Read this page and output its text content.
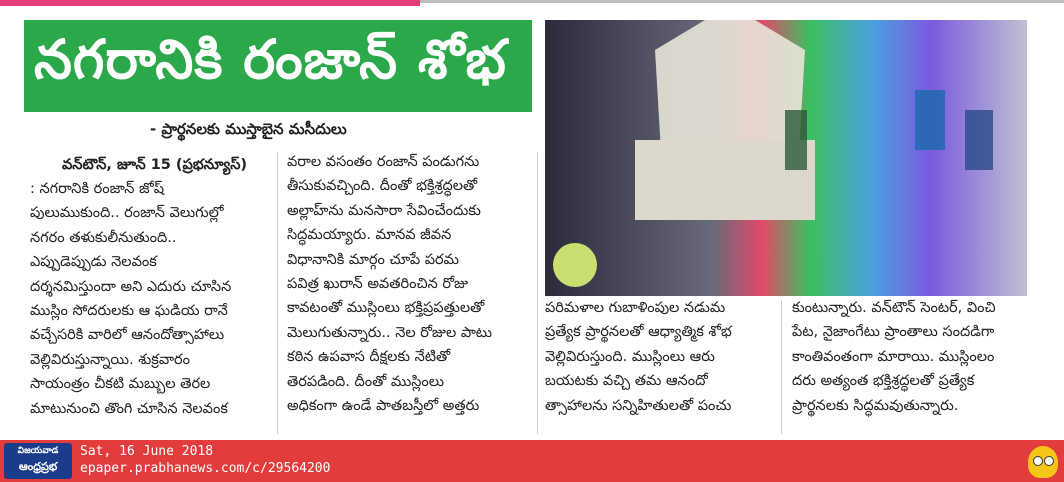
నగరానికి రంజాన్ శోభ
- ప్రార్థనలకు ముస్తాబైన మసీదులు
వన్‌టౌన్, జూన్ 15 (ప్రభన్యూస్)
: నగరానికి రంజాన్ జోష్
పులుముకుంది.. రంజాన్ వెలుగుల్లో
నగరం తళుకులీనుతుంది..
ఎప్పుడెప్పుడు నెలవంక
దర్శనమిస్తుందా అని ఎదురు చూసిన
ముస్లిం సోదరులకు ఆ ఘడియ రానే
వచ్చేసరికి వారిలో ఆనందోత్సాహాలు
వెల్లివిరుస్తున్నాయి. శుక్రవారం
సాయంత్రం చీకటి మబ్బుల తెరల
మాటునుంచి తొంగి చూసిన నెలవంక
వరాల వసంతం రంజాన్ పండుగను
తీసుకువచ్చింది. దీంతో భక్తిశ్రద్ధలతో
అల్లాహ్‌ను మనసారా సేవించేందుకు
సిద్ధమయ్యారు. మానవ జీవన
విధానానికి మార్గం చూపే పరమ
పవిత్ర ఖురాన్ అవతరించిన రోజు
కావటంతో ముస్లింలు భక్తిప్రపత్తులతో
మెలుగుతున్నారు.. నెల రోజుల పాటు
కఠిన ఉపవాస దీక్షలకు నేటితో
తెరపడింది. దీంతో ముస్లింలు
అధికంగా ఉండే పాతబస్తీలో అత్తరు
పరిమళాల గుబాళింపుల నడుమ
ప్రత్యేక ప్రార్థనలతో ఆధ్యాత్మిక శోభ
వెల్లివిరుస్తుంది. ముస్లింలు ఆరు
బయటకు వచ్చి తమ ఆనందో
త్సాహాలను సన్నిహితులతో పంచు
కుంటున్నారు. వన్‌టౌన్ సెంటర్, వించి
పేట, నైజాంగేటు ప్రాంతాలు సందడిగా
కాంతివంతంగా మారాయి. ముస్లింలం
దరు అత్యంత భక్తిశ్రద్ధలతో ప్రత్యేక
ప్రార్థనలకు సిద్ధమవుతున్నారు.
విజయవాడ
ఆంధ్రప్రభ
Sat, 16 June 2018
epaper.prabhanews.com/c/29564200
